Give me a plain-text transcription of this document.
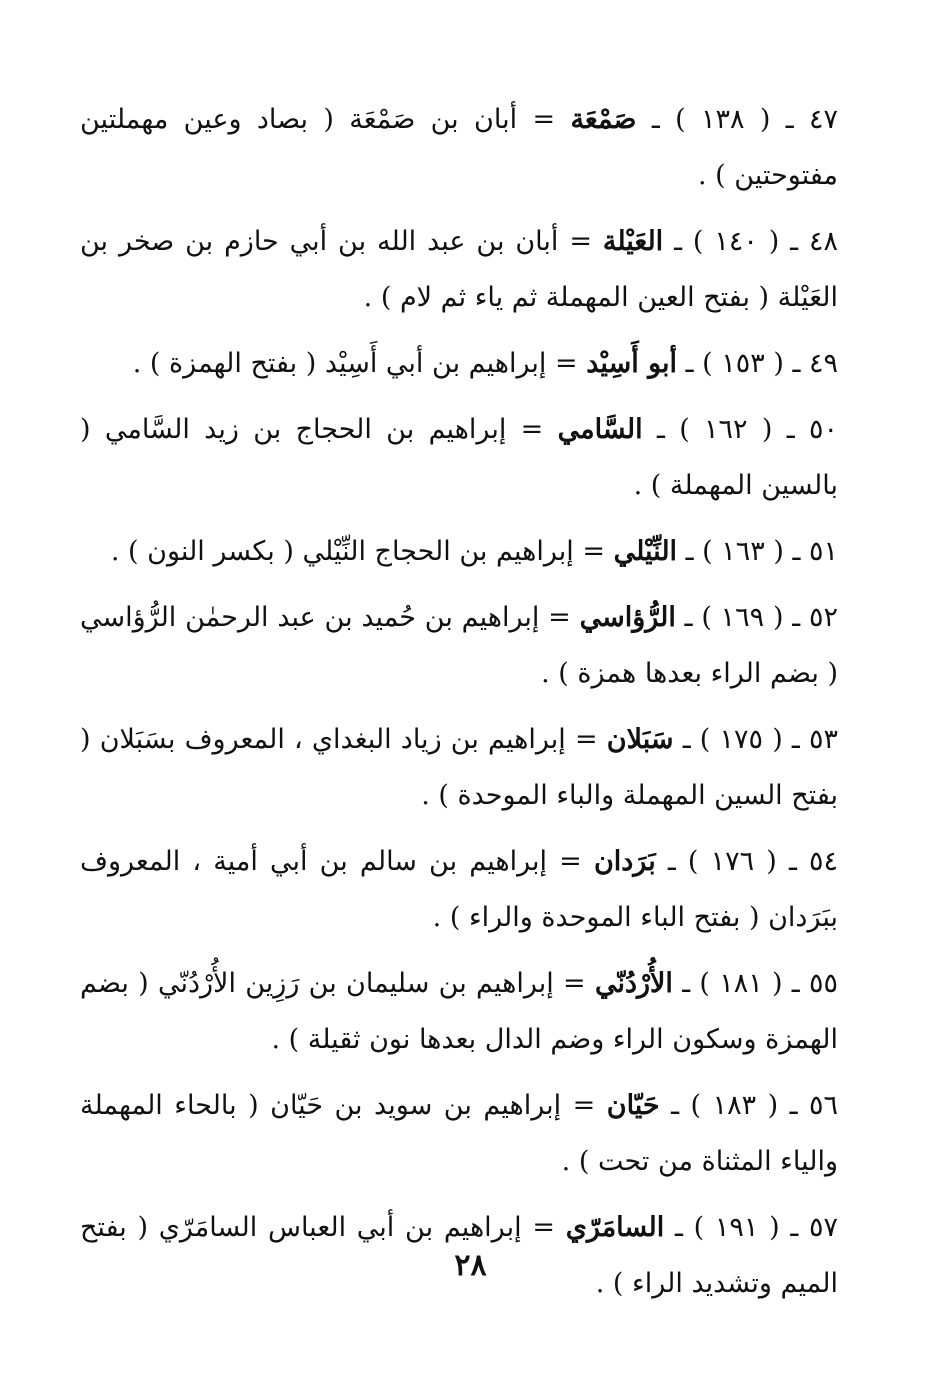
٤٧ ـ ( ١٣٨ ) ـ صَمْعَة = أبان بن صَمْعَة ( بصاد وعين مهملتين مفتوحتين ) .

٤٨ ـ ( ١٤٠ ) ـ العَيْلة = أبان بن عبد الله بن أبي حازم بن صخر بن العَيْلة ( بفتح العين المهملة ثم ياء ثم لام ) .

٤٩ ـ ( ١٥٣ ) ـ أبو أَسِيْد = إبراهيم بن أبي أَسِيْد ( بفتح الهمزة ) .

٥٠ ـ ( ١٦٢ ) ـ السَّامي = إبراهيم بن الحجاج بن زيد السَّامي ( بالسين المهملة ) .

٥١ ـ ( ١٦٣ ) ـ النِّيْلي = إبراهيم بن الحجاج النِّيْلي ( بكسر النون ) .

٥٢ ـ ( ١٦٩ ) ـ الرُّؤاسي = إبراهيم بن حُميد بن عبد الرحمٰن الرُّؤاسي ( بضم الراء بعدها همزة ) .

٥٣ ـ ( ١٧٥ ) ـ سَبَلان = إبراهيم بن زياد البغداي ، المعروف بسَبَلان ( بفتح السين المهملة والباء الموحدة ) .

٥٤ ـ ( ١٧٦ ) ـ بَرَدان = إبراهيم بن سالم بن أبي أمية ، المعروف ببَرَدان ( بفتح الباء الموحدة والراء ) .

٥٥ ـ ( ١٨١ ) ـ الأُرْدُنّي = إبراهيم بن سليمان بن رَزِين الأُرْدُنّي ( بضم الهمزة وسكون الراء وضم الدال بعدها نون ثقيلة ) .

٥٦ ـ ( ١٨٣ ) ـ حَيّان = إبراهيم بن سويد بن حَيّان ( بالحاء المهملة والياء المثناة من تحت ) .

٥٧ ـ ( ١٩١ ) ـ السامَرّي = إبراهيم بن أبي العباس السامَرّي ( بفتح الميم وتشديد الراء ) .

٢٨
